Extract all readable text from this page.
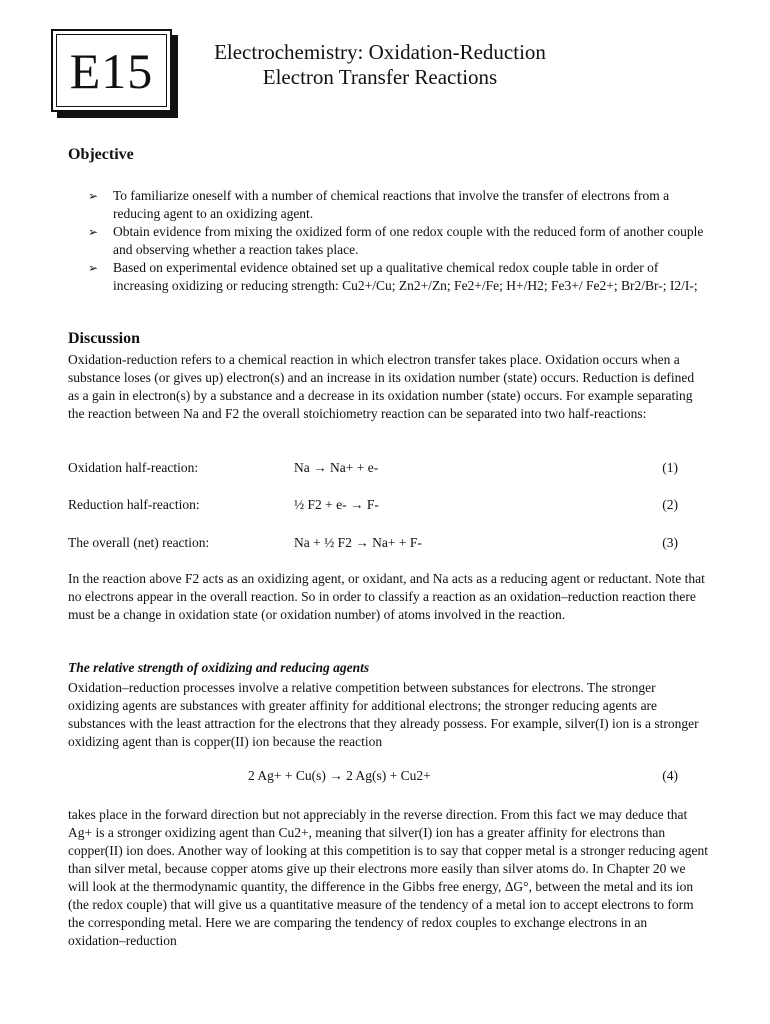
E15	Electrochemistry: Oxidation-Reduction
Electron Transfer Reactions
Objective
➢	To familiarize oneself with a number of chemical reactions that involve the transfer of electrons from a reducing agent to an oxidizing agent.
➢	Obtain evidence from mixing the oxidized form of one redox couple with the reduced form of another couple and observing whether a reaction takes place.
➢	Based on experimental evidence obtained set up a qualitative chemical redox couple table in order of increasing oxidizing or reducing strength: Cu2+/Cu; Zn2+/Zn; Fe2+/Fe; H+/H2; Fe3+/ Fe2+; Br2/Br-; I2/I-;
Discussion
Oxidation-reduction refers to a chemical reaction in which electron transfer takes place. Oxidation occurs when a substance loses (or gives up) electron(s) and an increase in its oxidation number (state) occurs. Reduction is defined as a gain in electron(s) by a substance and a decrease in its oxidation number (state) occurs. For example separating the reaction between Na and F2 the overall stoichiometry reaction can be separated into two half-reactions:
Oxidation half-reaction:	Na → Na+ + e-	(1)
Reduction half-reaction:	½ F2 + e- → F-	(2)
The overall (net) reaction:	Na + ½ F2 → Na+ + F-	(3)
In the reaction above F2 acts as an oxidizing agent, or oxidant, and Na acts as a reducing agent or reductant. Note that no electrons appear in the overall reaction. So in order to classify a reaction as an oxidation–reduction reaction there must be a change in oxidation state (or oxidation number) of atoms involved in the reaction.
The relative strength of oxidizing and reducing agents
Oxidation–reduction processes involve a relative competition between substances for electrons. The stronger oxidizing agents are substances with greater affinity for additional electrons; the stronger reducing agents are substances with the least attraction for the electrons that they already possess. For example, silver(I) ion is a stronger oxidizing agent than is copper(II) ion because the reaction
2 Ag+ + Cu(s) → 2 Ag(s) + Cu2+	(4)
takes place in the forward direction but not appreciably in the reverse direction. From this fact we may deduce that Ag+ is a stronger oxidizing agent than Cu2+, meaning that silver(I) ion has a greater affinity for electrons than copper(II) ion does. Another way of looking at this competition is to say that copper metal is a stronger reducing agent than silver metal, because copper atoms give up their electrons more easily than silver atoms do. In Chapter 20 we will look at the thermodynamic quantity, the difference in the Gibbs free energy, ΔG°, between the metal and its ion (the redox couple) that will give us a quantitative measure of the tendency of a metal ion to accept electrons to form the corresponding metal. Here we are comparing the tendency of redox couples to exchange electrons in an oxidation–reduction
